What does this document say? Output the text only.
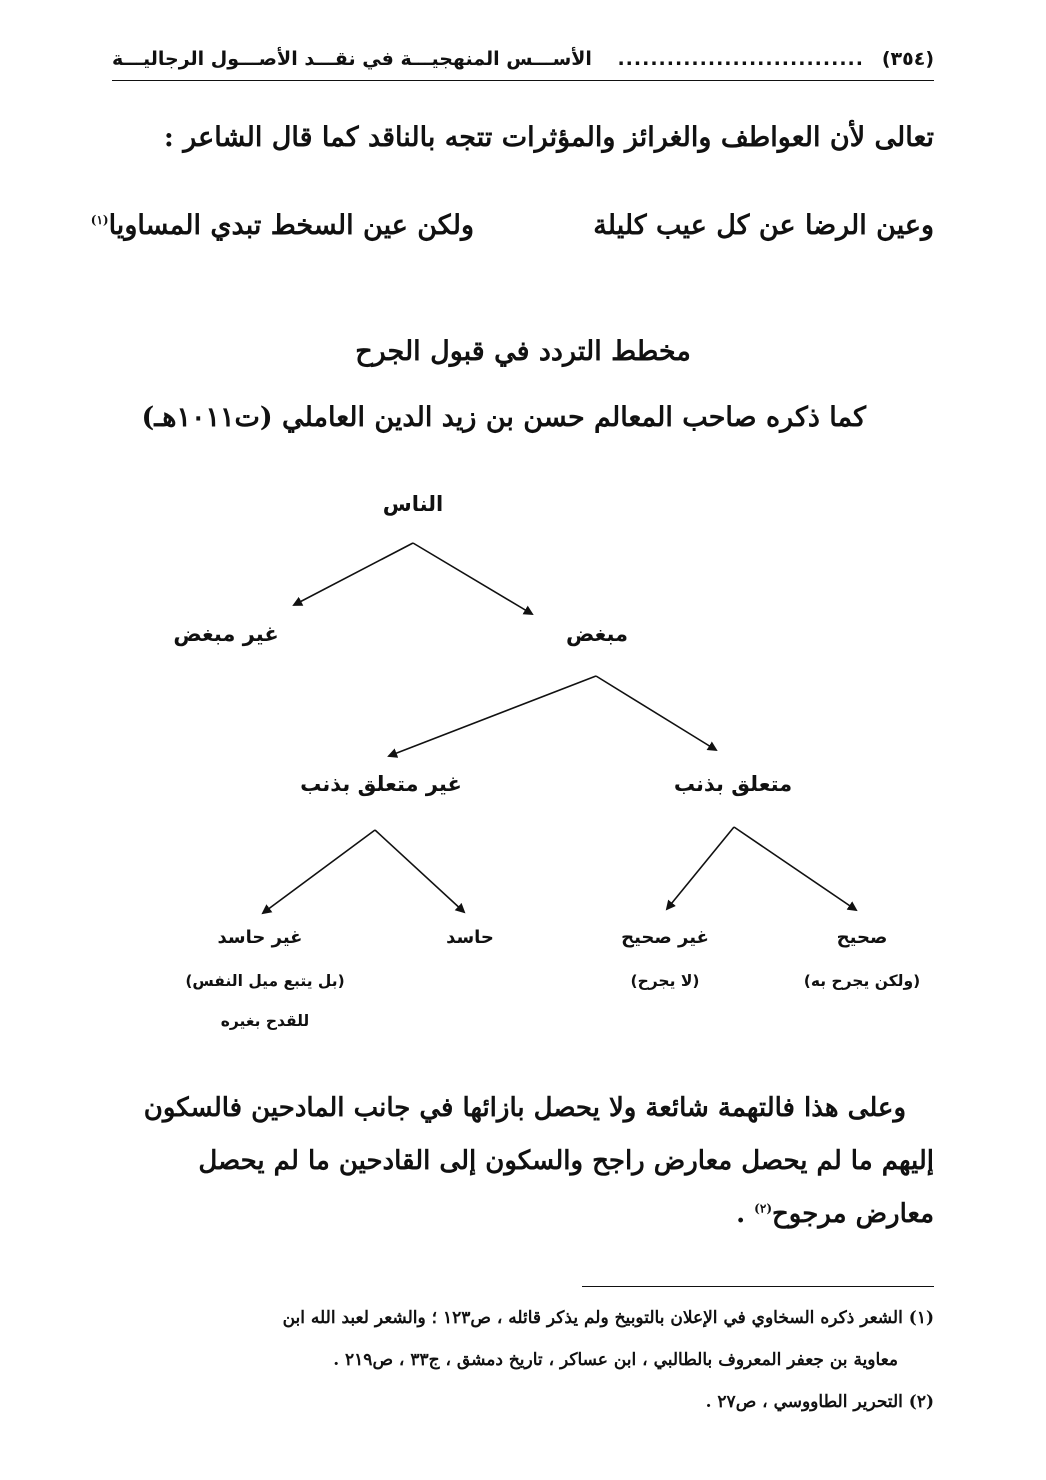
(٣٥٤)
..............................
الأســـس المنهجيـــة في نقـــد الأصـــول الرجاليـــة
تعالى لأن العواطف والغرائز والمؤثرات تتجه بالناقد كما قال الشاعر :
وعين الرضا عن كل عيب كليلة
ولكن عين السخط تبدي المساويا$^{(١)}$
مخطط التردد في قبول الجرح
كما ذكره صاحب المعالم حسن بن زيد الدين العاملي (ت١٠١١هـ)
الناس
مبغض
غير مبغض
متعلق بذنب
غير متعلق بذنب
صحيح
(ولكن يجرح به)
غير صحيح
(لا يجرح)
حاسد
غير حاسد
(بل يتبع ميل النفس)
للقدح بغيره
وعلى هذا فالتهمة شائعة ولا يحصل بازائها في جانب المادحين فالسكون
إليهم ما لم يحصل معارض راجح والسكون إلى القادحين ما لم يحصل
معارض مرجوح$^{(٢)}$ .
(١) الشعر ذكره السخاوي في الإعلان بالتوبيخ ولم يذكر قائله ، ص١٢٣ ؛ والشعر لعبد الله ابن
معاوية بن جعفر المعروف بالطالبي ، ابن عساكر ، تاريخ دمشق ، ج٣٣ ، ص٢١٩ .
(٢) التحرير الطاووسي ، ص٢٧ .
